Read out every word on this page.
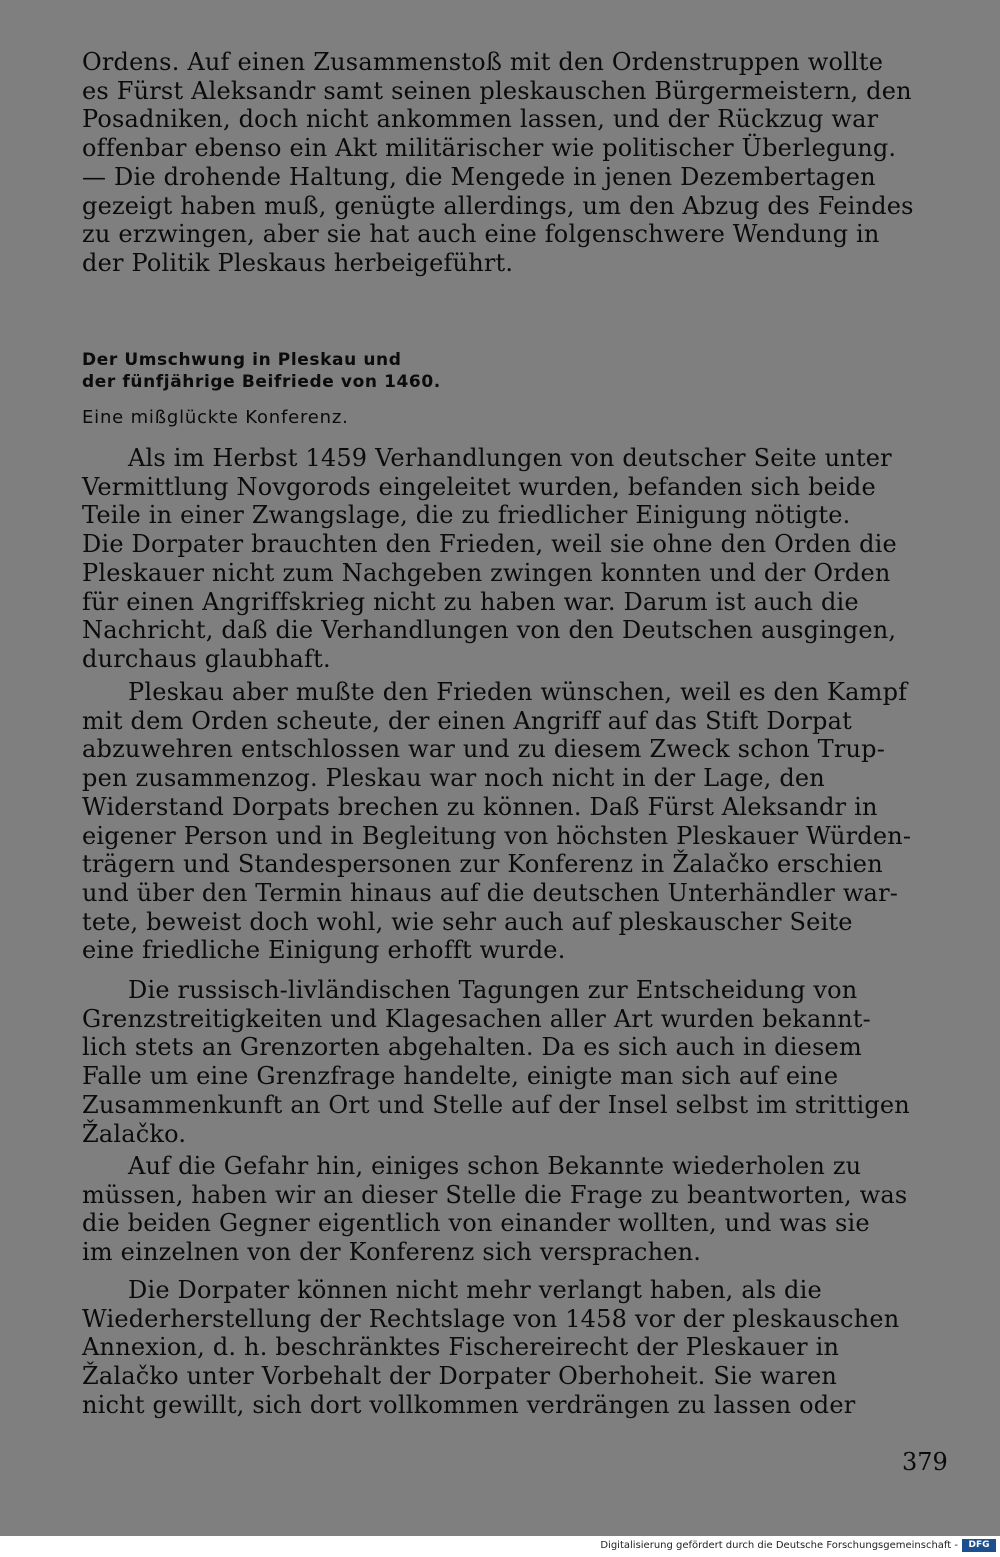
Ordens. Auf einen Zusammenstoß mit den Ordenstruppen wollte
es Fürst Aleksandr samt seinen pleskauschen Bürgermeistern, den
Posadniken, doch nicht ankommen lassen, und der Rückzug war
offenbar ebenso ein Akt militärischer wie politischer Überlegung.
— Die drohende Haltung, die Mengede in jenen Dezembertagen
gezeigt haben muß, genügte allerdings, um den Abzug des Feindes
zu erzwingen, aber sie hat auch eine folgenschwere Wendung in
der Politik Pleskaus herbeigeführt.
Der Umschwung in Pleskau und
der fünfjährige Beifriede von 1460.
Eine mißglückte Konferenz.
Als im Herbst 1459 Verhandlungen von deutscher Seite unter
Vermittlung Novgorods eingeleitet wurden, befanden sich beide
Teile in einer Zwangslage, die zu friedlicher Einigung nötigte.
Die Dorpater brauchten den Frieden, weil sie ohne den Orden die
Pleskauer nicht zum Nachgeben zwingen konnten und der Orden
für einen Angriffskrieg nicht zu haben war. Darum ist auch die
Nachricht, daß die Verhandlungen von den Deutschen ausgingen,
durchaus glaubhaft.
Pleskau aber mußte den Frieden wünschen, weil es den Kampf
mit dem Orden scheute, der einen Angriff auf das Stift Dorpat
abzuwehren entschlossen war und zu diesem Zweck schon Trup-
pen zusammenzog. Pleskau war noch nicht in der Lage, den
Widerstand Dorpats brechen zu können. Daß Fürst Aleksandr in
eigener Person und in Begleitung von höchsten Pleskauer Würden-
trägern und Standespersonen zur Konferenz in Žalačko erschien
und über den Termin hinaus auf die deutschen Unterhändler war-
tete, beweist doch wohl, wie sehr auch auf pleskauscher Seite
eine friedliche Einigung erhofft wurde.
Die russisch-livländischen Tagungen zur Entscheidung von
Grenzstreitigkeiten und Klagesachen aller Art wurden bekannt-
lich stets an Grenzorten abgehalten. Da es sich auch in diesem
Falle um eine Grenzfrage handelte, einigte man sich auf eine
Zusammenkunft an Ort und Stelle auf der Insel selbst im strittigen
Žalačko.
Auf die Gefahr hin, einiges schon Bekannte wiederholen zu
müssen, haben wir an dieser Stelle die Frage zu beantworten, was
die beiden Gegner eigentlich von einander wollten, und was sie
im einzelnen von der Konferenz sich versprachen.
Die Dorpater können nicht mehr verlangt haben, als die
Wiederherstellung der Rechtslage von 1458 vor der pleskauschen
Annexion, d. h. beschränktes Fischereirecht der Pleskauer in
Žalačko unter Vorbehalt der Dorpater Oberhoheit. Sie waren
nicht gewillt, sich dort vollkommen verdrängen zu lassen oder
379
Digitalisierung gefördert durch die Deutsche Forschungsgemeinschaft -	DFG
